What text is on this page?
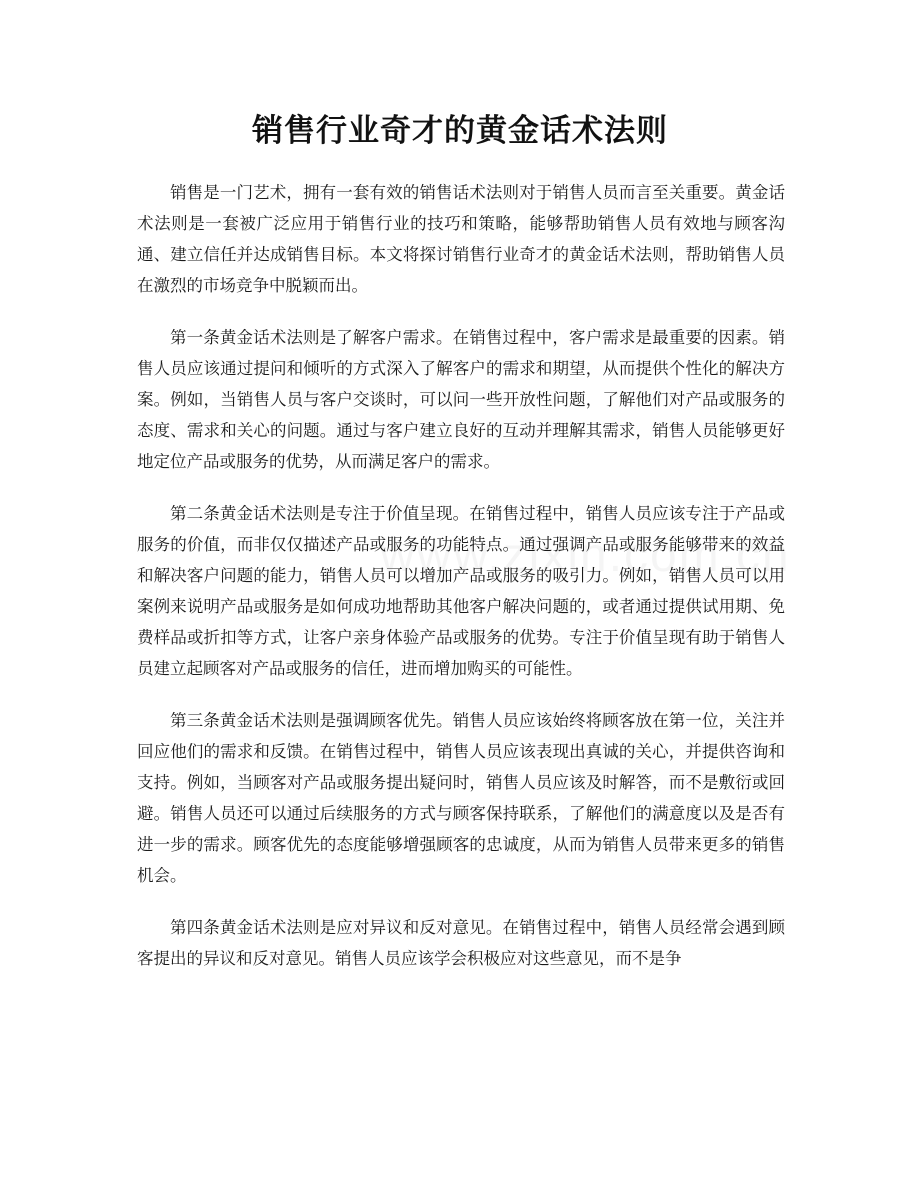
销售行业奇才的黄金话术法则

销售是一门艺术，拥有一套有效的销售话术法则对于销售人员而言至关重要。黄金话术法则是一套被广泛应用于销售行业的技巧和策略，能够帮助销售人员有效地与顾客沟通、建立信任并达成销售目标。本文将探讨销售行业奇才的黄金话术法则，帮助销售人员在激烈的市场竞争中脱颖而出。

第一条黄金话术法则是了解客户需求。在销售过程中，客户需求是最重要的因素。销售人员应该通过提问和倾听的方式深入了解客户的需求和期望，从而提供个性化的解决方案。例如，当销售人员与客户交谈时，可以问一些开放性问题，了解他们对产品或服务的态度、需求和关心的问题。通过与客户建立良好的互动并理解其需求，销售人员能够更好地定位产品或服务的优势，从而满足客户的需求。

第二条黄金话术法则是专注于价值呈现。在销售过程中，销售人员应该专注于产品或服务的价值，而非仅仅描述产品或服务的功能特点。通过强调产品或服务能够带来的效益和解决客户问题的能力，销售人员可以增加产品或服务的吸引力。例如，销售人员可以用案例来说明产品或服务是如何成功地帮助其他客户解决问题的，或者通过提供试用期、免费样品或折扣等方式，让客户亲身体验产品或服务的优势。专注于价值呈现有助于销售人员建立起顾客对产品或服务的信任，进而增加购买的可能性。

第三条黄金话术法则是强调顾客优先。销售人员应该始终将顾客放在第一位，关注并回应他们的需求和反馈。在销售过程中，销售人员应该表现出真诚的关心，并提供咨询和支持。例如，当顾客对产品或服务提出疑问时，销售人员应该及时解答，而不是敷衍或回避。销售人员还可以通过后续服务的方式与顾客保持联系，了解他们的满意度以及是否有进一步的需求。顾客优先的态度能够增强顾客的忠诚度，从而为销售人员带来更多的销售机会。

第四条黄金话术法则是应对异议和反对意见。在销售过程中，销售人员经常会遇到顾客提出的异议和反对意见。销售人员应该学会积极应对这些意见，而不是争
